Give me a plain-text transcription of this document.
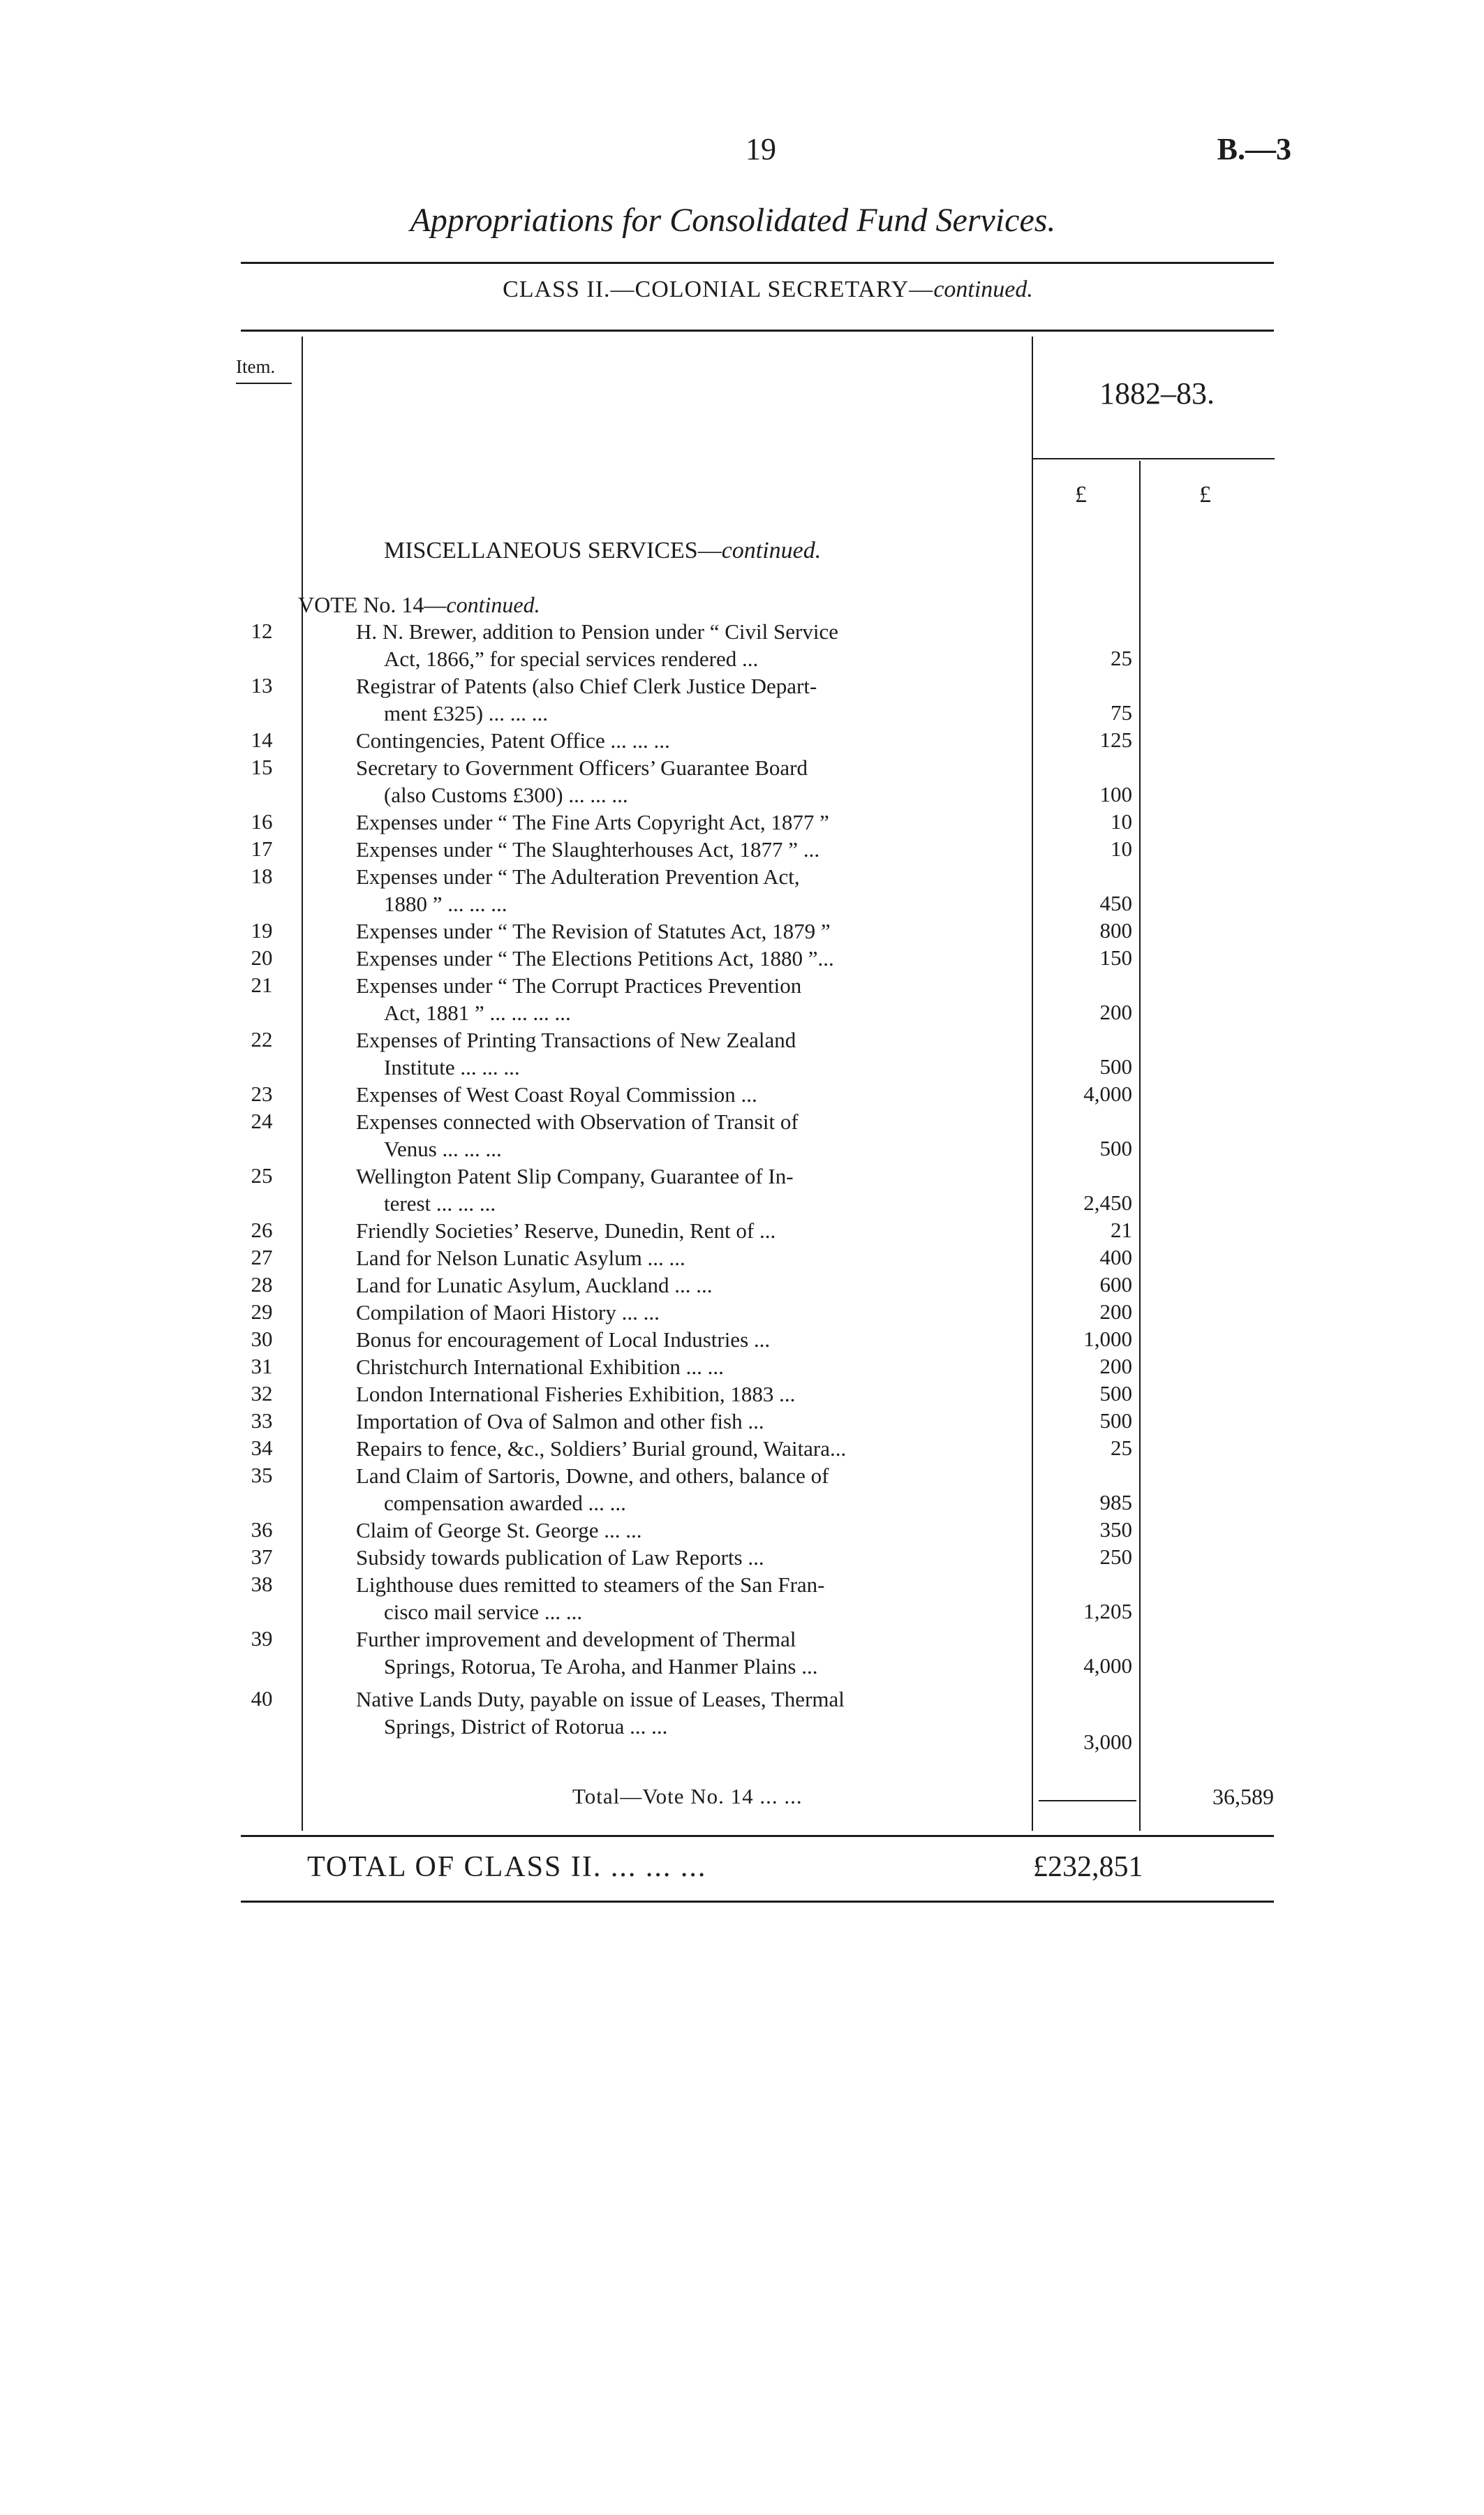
19	B.—3
Appropriations for Consolidated Fund Services.
CLASS II.—COLONIAL SECRETARY—continued.
Item.
1882–83.
£	£
MISCELLANEOUS SERVICES—continued.
VOTE No. 14—continued.
12	H. N. Brewer, addition to Pension under “ Civil Service
Act, 1866,” for special services rendered ...	25
13	Registrar of Patents (also Chief Clerk Justice Depart-
ment £325) ... ... ...	75
14	Contingencies, Patent Office ... ... ...	125
15	Secretary to Government Officers’ Guarantee Board
(also Customs £300) ... ... ...	100
16	Expenses under “ The Fine Arts Copyright Act, 1877 ”	10
17	Expenses under “ The Slaughterhouses Act, 1877 ” ...	10
18	Expenses under “ The Adulteration Prevention Act,
1880 ” ... ... ...	450
19	Expenses under “ The Revision of Statutes Act, 1879 ”	800
20	Expenses under “ The Elections Petitions Act, 1880 ”...	150
21	Expenses under “ The Corrupt Practices Prevention
Act, 1881 ” ... ... ... ...	200
22	Expenses of Printing Transactions of New Zealand
Institute ... ... ...	500
23	Expenses of West Coast Royal Commission ...	4,000
24	Expenses connected with Observation of Transit of
Venus ... ... ...	500
25	Wellington Patent Slip Company, Guarantee of In-
terest ... ... ...	2,450
26	Friendly Societies’ Reserve, Dunedin, Rent of ...	21
27	Land for Nelson Lunatic Asylum ... ...	400
28	Land for Lunatic Asylum, Auckland ... ...	600
29	Compilation of Maori History ... ...	200
30	Bonus for encouragement of Local Industries ...	1,000
31	Christchurch International Exhibition ... ...	200
32	London International Fisheries Exhibition, 1883 ...	500
33	Importation of Ova of Salmon and other fish ...	500
34	Repairs to fence, &c., Soldiers’ Burial ground, Waitara...	25
35	Land Claim of Sartoris, Downe, and others, balance of
compensation awarded ... ...	985
36	Claim of George St. George ... ...	350
37	Subsidy towards publication of Law Reports ...	250
38	Lighthouse dues remitted to steamers of the San Fran-
cisco mail service ... ...	1,205
39	Further improvement and development of Thermal
Springs, Rotorua, Te Aroha, and Hanmer Plains ...	4,000
40	Native Lands Duty, payable on issue of Leases, Thermal
Springs, District of Rotorua ... ...
3,000
Total—Vote No. 14 ... ...	36,589
TOTAL OF CLASS II. ... ... ...	£232,851
